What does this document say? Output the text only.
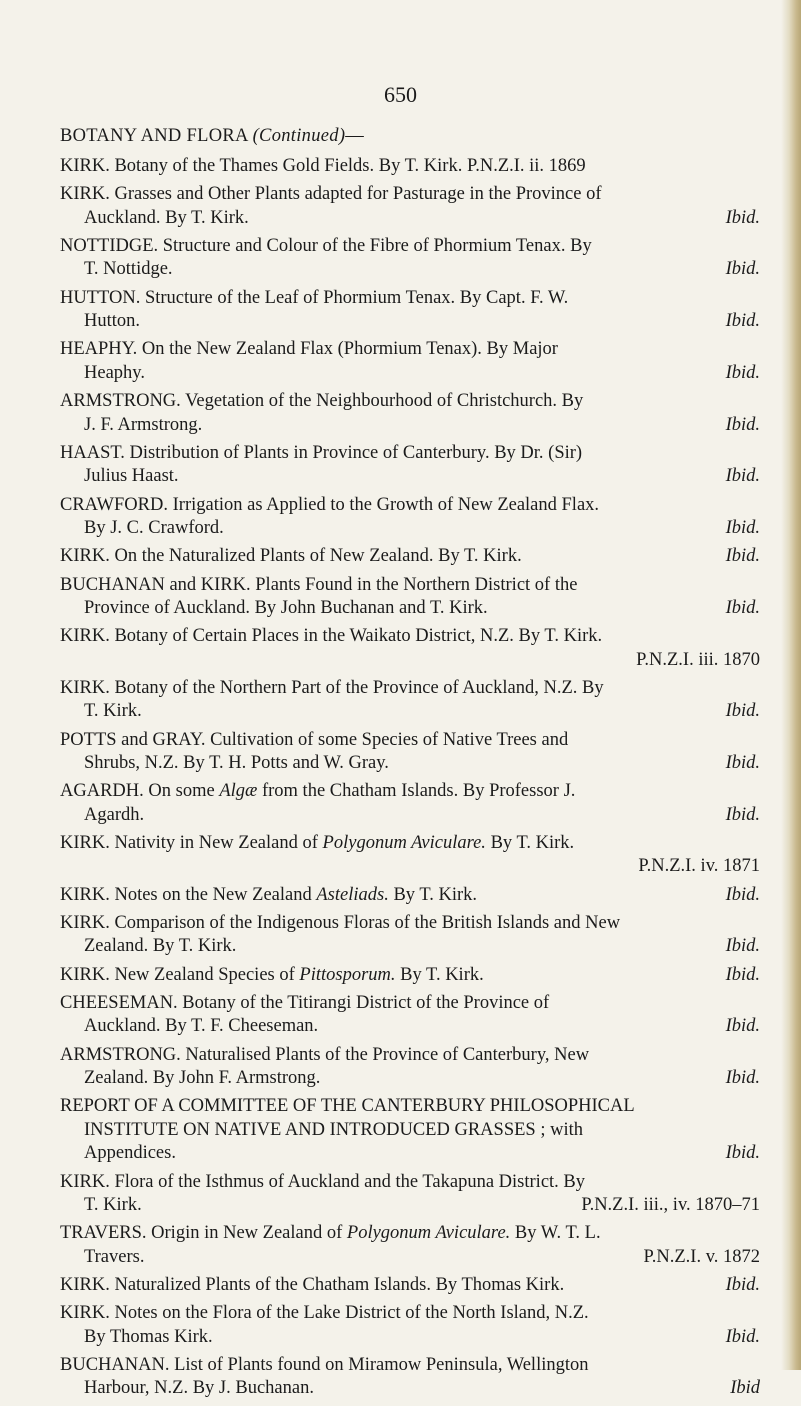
650
BOTANY AND FLORA (Continued)—
KIRK. Botany of the Thames Gold Fields. By T. Kirk. P.N.Z.I. ii. 1869
KIRK. Grasses and Other Plants adapted for Pasturage in the Province of
Auckland. By T. Kirk.	Ibid.
NOTTIDGE. Structure and Colour of the Fibre of Phormium Tenax. By
T. Nottidge.	Ibid.
HUTTON. Structure of the Leaf of Phormium Tenax. By Capt. F. W.
Hutton.	Ibid.
HEAPHY. On the New Zealand Flax (Phormium Tenax). By Major
Heaphy.	Ibid.
ARMSTRONG. Vegetation of the Neighbourhood of Christchurch. By
J. F. Armstrong.	Ibid.
HAAST. Distribution of Plants in Province of Canterbury. By Dr. (Sir)
Julius Haast.	Ibid.
CRAWFORD. Irrigation as Applied to the Growth of New Zealand Flax.
By J. C. Crawford.	Ibid.
KIRK. On the Naturalized Plants of New Zealand. By T. Kirk.	Ibid.
BUCHANAN and KIRK. Plants Found in the Northern District of the
Province of Auckland. By John Buchanan and T. Kirk.	Ibid.
KIRK. Botany of Certain Places in the Waikato District, N.Z. By T. Kirk.
P.N.Z.I. iii. 1870
KIRK. Botany of the Northern Part of the Province of Auckland, N.Z. By
T. Kirk.	Ibid.
POTTS and GRAY. Cultivation of some Species of Native Trees and
Shrubs, N.Z. By T. H. Potts and W. Gray.	Ibid.
AGARDH. On some Algæ from the Chatham Islands. By Professor J.
Agardh.	Ibid.
KIRK. Nativity in New Zealand of Polygonum Aviculare. By T. Kirk.
P.N.Z.I. iv. 1871
KIRK. Notes on the New Zealand Asteliads. By T. Kirk.	Ibid.
KIRK. Comparison of the Indigenous Floras of the British Islands and New
Zealand. By T. Kirk.	Ibid.
KIRK. New Zealand Species of Pittosporum. By T. Kirk.	Ibid.
CHEESEMAN. Botany of the Titirangi District of the Province of
Auckland. By T. F. Cheeseman.	Ibid.
ARMSTRONG. Naturalised Plants of the Province of Canterbury, New
Zealand. By John F. Armstrong.	Ibid.
REPORT OF A COMMITTEE OF THE CANTERBURY PHILOSOPHICAL
INSTITUTE ON NATIVE AND INTRODUCED GRASSES ; with
Appendices.	Ibid.
KIRK. Flora of the Isthmus of Auckland and the Takapuna District. By
T. Kirk.	P.N.Z.I. iii., iv. 1870–71
TRAVERS. Origin in New Zealand of Polygonum Aviculare. By W. T. L.
Travers.	P.N.Z.I. v. 1872
KIRK. Naturalized Plants of the Chatham Islands. By Thomas Kirk.	Ibid.
KIRK. Notes on the Flora of the Lake District of the North Island, N.Z.
By Thomas Kirk.	Ibid.
BUCHANAN. List of Plants found on Miramow Peninsula, Wellington
Harbour, N.Z. By J. Buchanan.	Ibid
